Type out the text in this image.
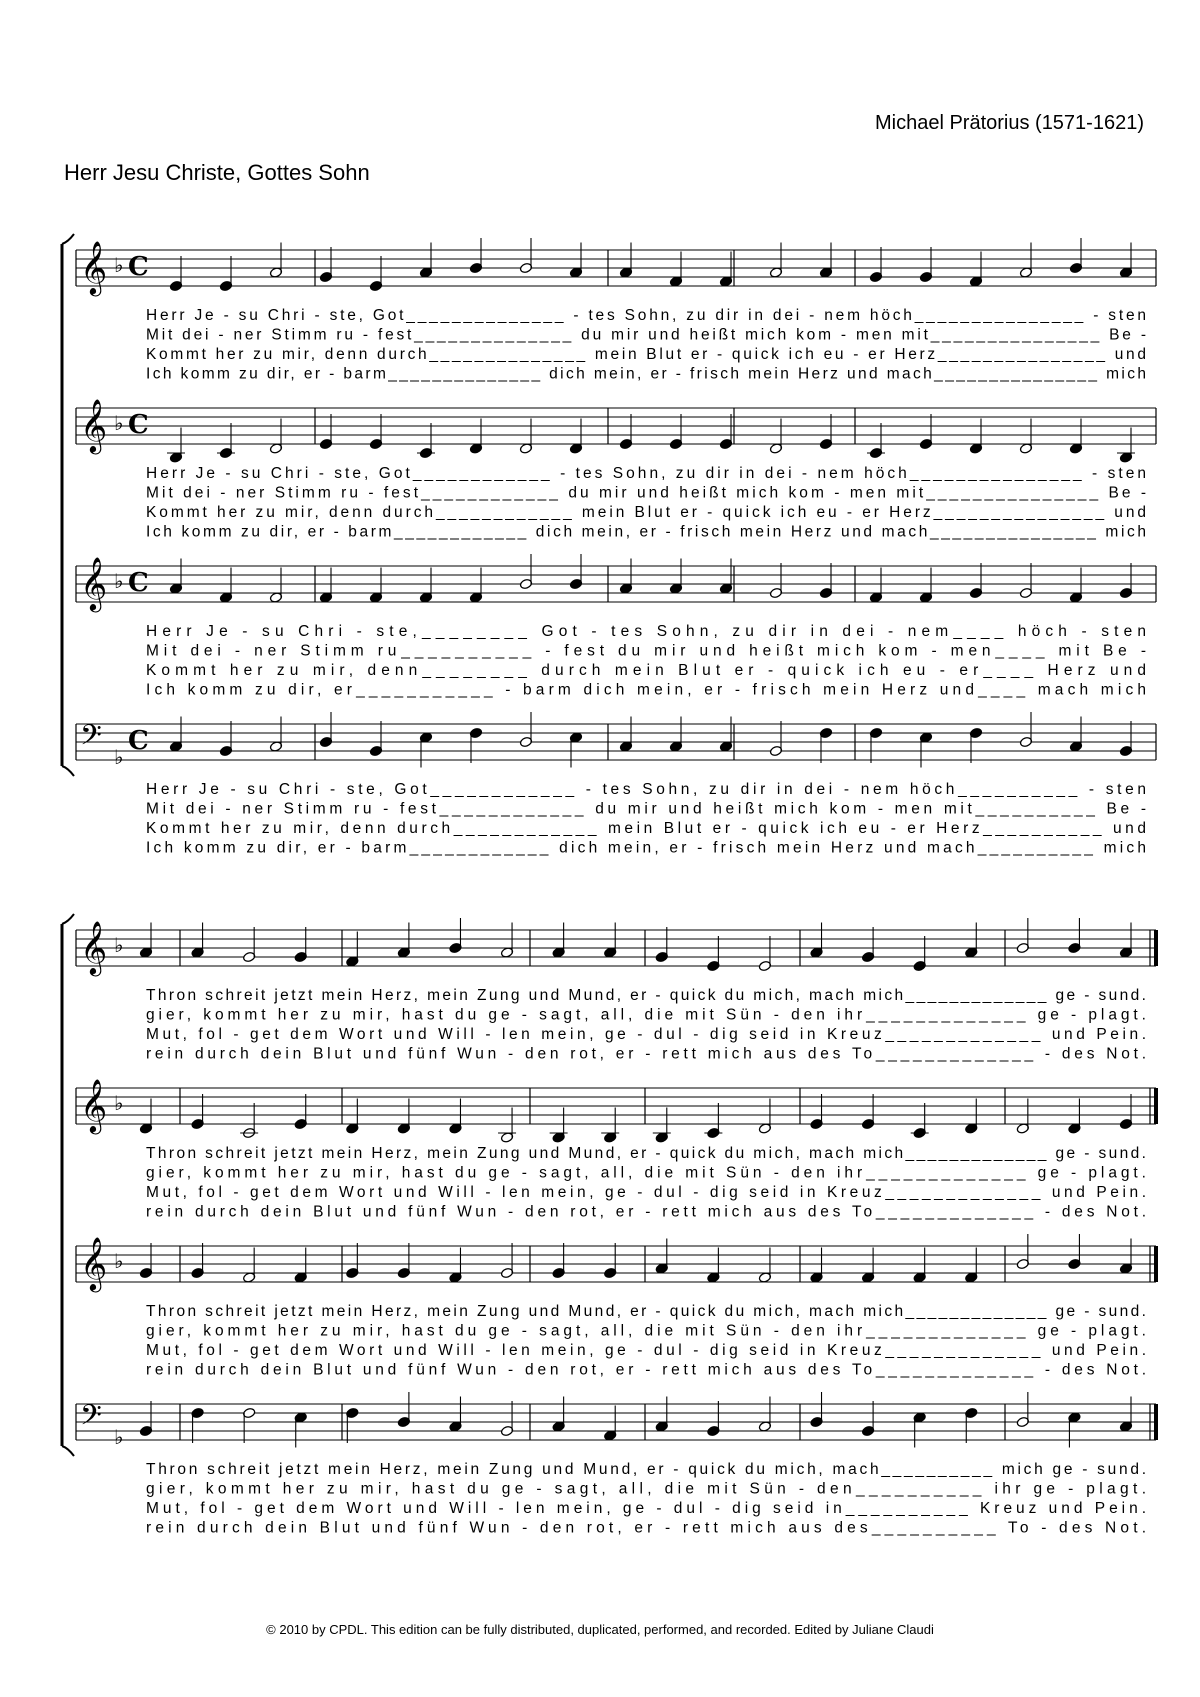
Michael Prätorius (1571-1621)
Herr Jesu Christe, Gottes Sohn
𝄞 ♭ C
Herr Je - su Chri - ste, Got______________ - tes Sohn, zu dir in dei - nem höch_______________ - sten
Mit dei - ner Stimm ru - fest______________ du mir und heißt mich kom - men mit_______________ Be -
Kommt her zu mir, denn durch______________ mein Blut er - quick ich eu - er Herz_______________ und
Ich komm zu dir, er - barm______________ dich mein, er - frisch mein Herz und mach_______________ mich
𝄞 ♭ C
Herr Je - su Chri - ste, Got____________ - tes Sohn, zu dir in dei - nem höch_______________ - sten
Mit dei - ner Stimm ru - fest____________ du mir und heißt mich kom - men mit_______________ Be -
Kommt her zu mir, denn durch____________ mein Blut er - quick ich eu - er Herz_______________ und
Ich komm zu dir, er - barm____________ dich mein, er - frisch mein Herz und mach_______________ mich
𝄞 ♭ C
Herr Je - su Chri - ste,________ Got - tes Sohn, zu dir in dei - nem____ höch - sten
Mit dei - ner Stimm ru__________ - fest du mir und heißt mich kom - men____ mit Be -
Kommt her zu mir, denn________ durch mein Blut er - quick ich eu - er____ Herz und
Ich komm zu dir, er___________ - barm dich mein, er - frisch mein Herz und____ mach mich
𝄢 ♭
C
Herr Je - su Chri - ste, Got____________ - tes Sohn, zu dir in dei - nem höch__________ - sten
Mit dei - ner Stimm ru - fest____________ du mir und heißt mich kom - men mit__________ Be -
Kommt her zu mir, denn durch____________ mein Blut er - quick ich eu - er Herz__________ und
Ich komm zu dir, er - barm____________ dich mein, er - frisch mein Herz und mach__________ mich
𝄞 ♭
Thron schreit jetzt mein Herz, mein Zung und Mund, er - quick du mich, mach mich_____________ ge - sund.
gier, kommt her zu mir, hast du ge - sagt, all, die mit Sün - den ihr_____________ ge - plagt.
Mut, fol - get dem Wort und Will - len mein, ge - dul - dig seid in Kreuz_____________ und Pein.
rein durch dein Blut und fünf Wun - den rot, er - rett mich aus des To_____________ - des Not.
𝄞 ♭
Thron schreit jetzt mein Herz, mein Zung und Mund, er - quick du mich, mach mich_____________ ge - sund.
gier, kommt her zu mir, hast du ge - sagt, all, die mit Sün - den ihr_____________ ge - plagt.
Mut, fol - get dem Wort und Will - len mein, ge - dul - dig seid in Kreuz_____________ und Pein.
rein durch dein Blut und fünf Wun - den rot, er - rett mich aus des To_____________ - des Not.
𝄞 ♭
Thron schreit jetzt mein Herz, mein Zung und Mund, er - quick du mich, mach mich_____________ ge - sund.
gier, kommt her zu mir, hast du ge - sagt, all, die mit Sün - den ihr_____________ ge - plagt.
Mut, fol - get dem Wort und Will - len mein, ge - dul - dig seid in Kreuz_____________ und Pein.
rein durch dein Blut und fünf Wun - den rot, er - rett mich aus des To_____________ - des Not.
𝄢 ♭
Thron schreit jetzt mein Herz, mein Zung und Mund, er - quick du mich, mach__________ mich ge - sund.
gier, kommt her zu mir, hast du ge - sagt, all, die mit Sün - den__________ ihr ge - plagt.
Mut, fol - get dem Wort und Will - len mein, ge - dul - dig seid in__________ Kreuz und Pein.
rein durch dein Blut und fünf Wun - den rot, er - rett mich aus des__________ To - des Not.
© 2010 by CPDL. This edition can be fully distributed, duplicated, performed, and recorded. Edited by Juliane Claudi
